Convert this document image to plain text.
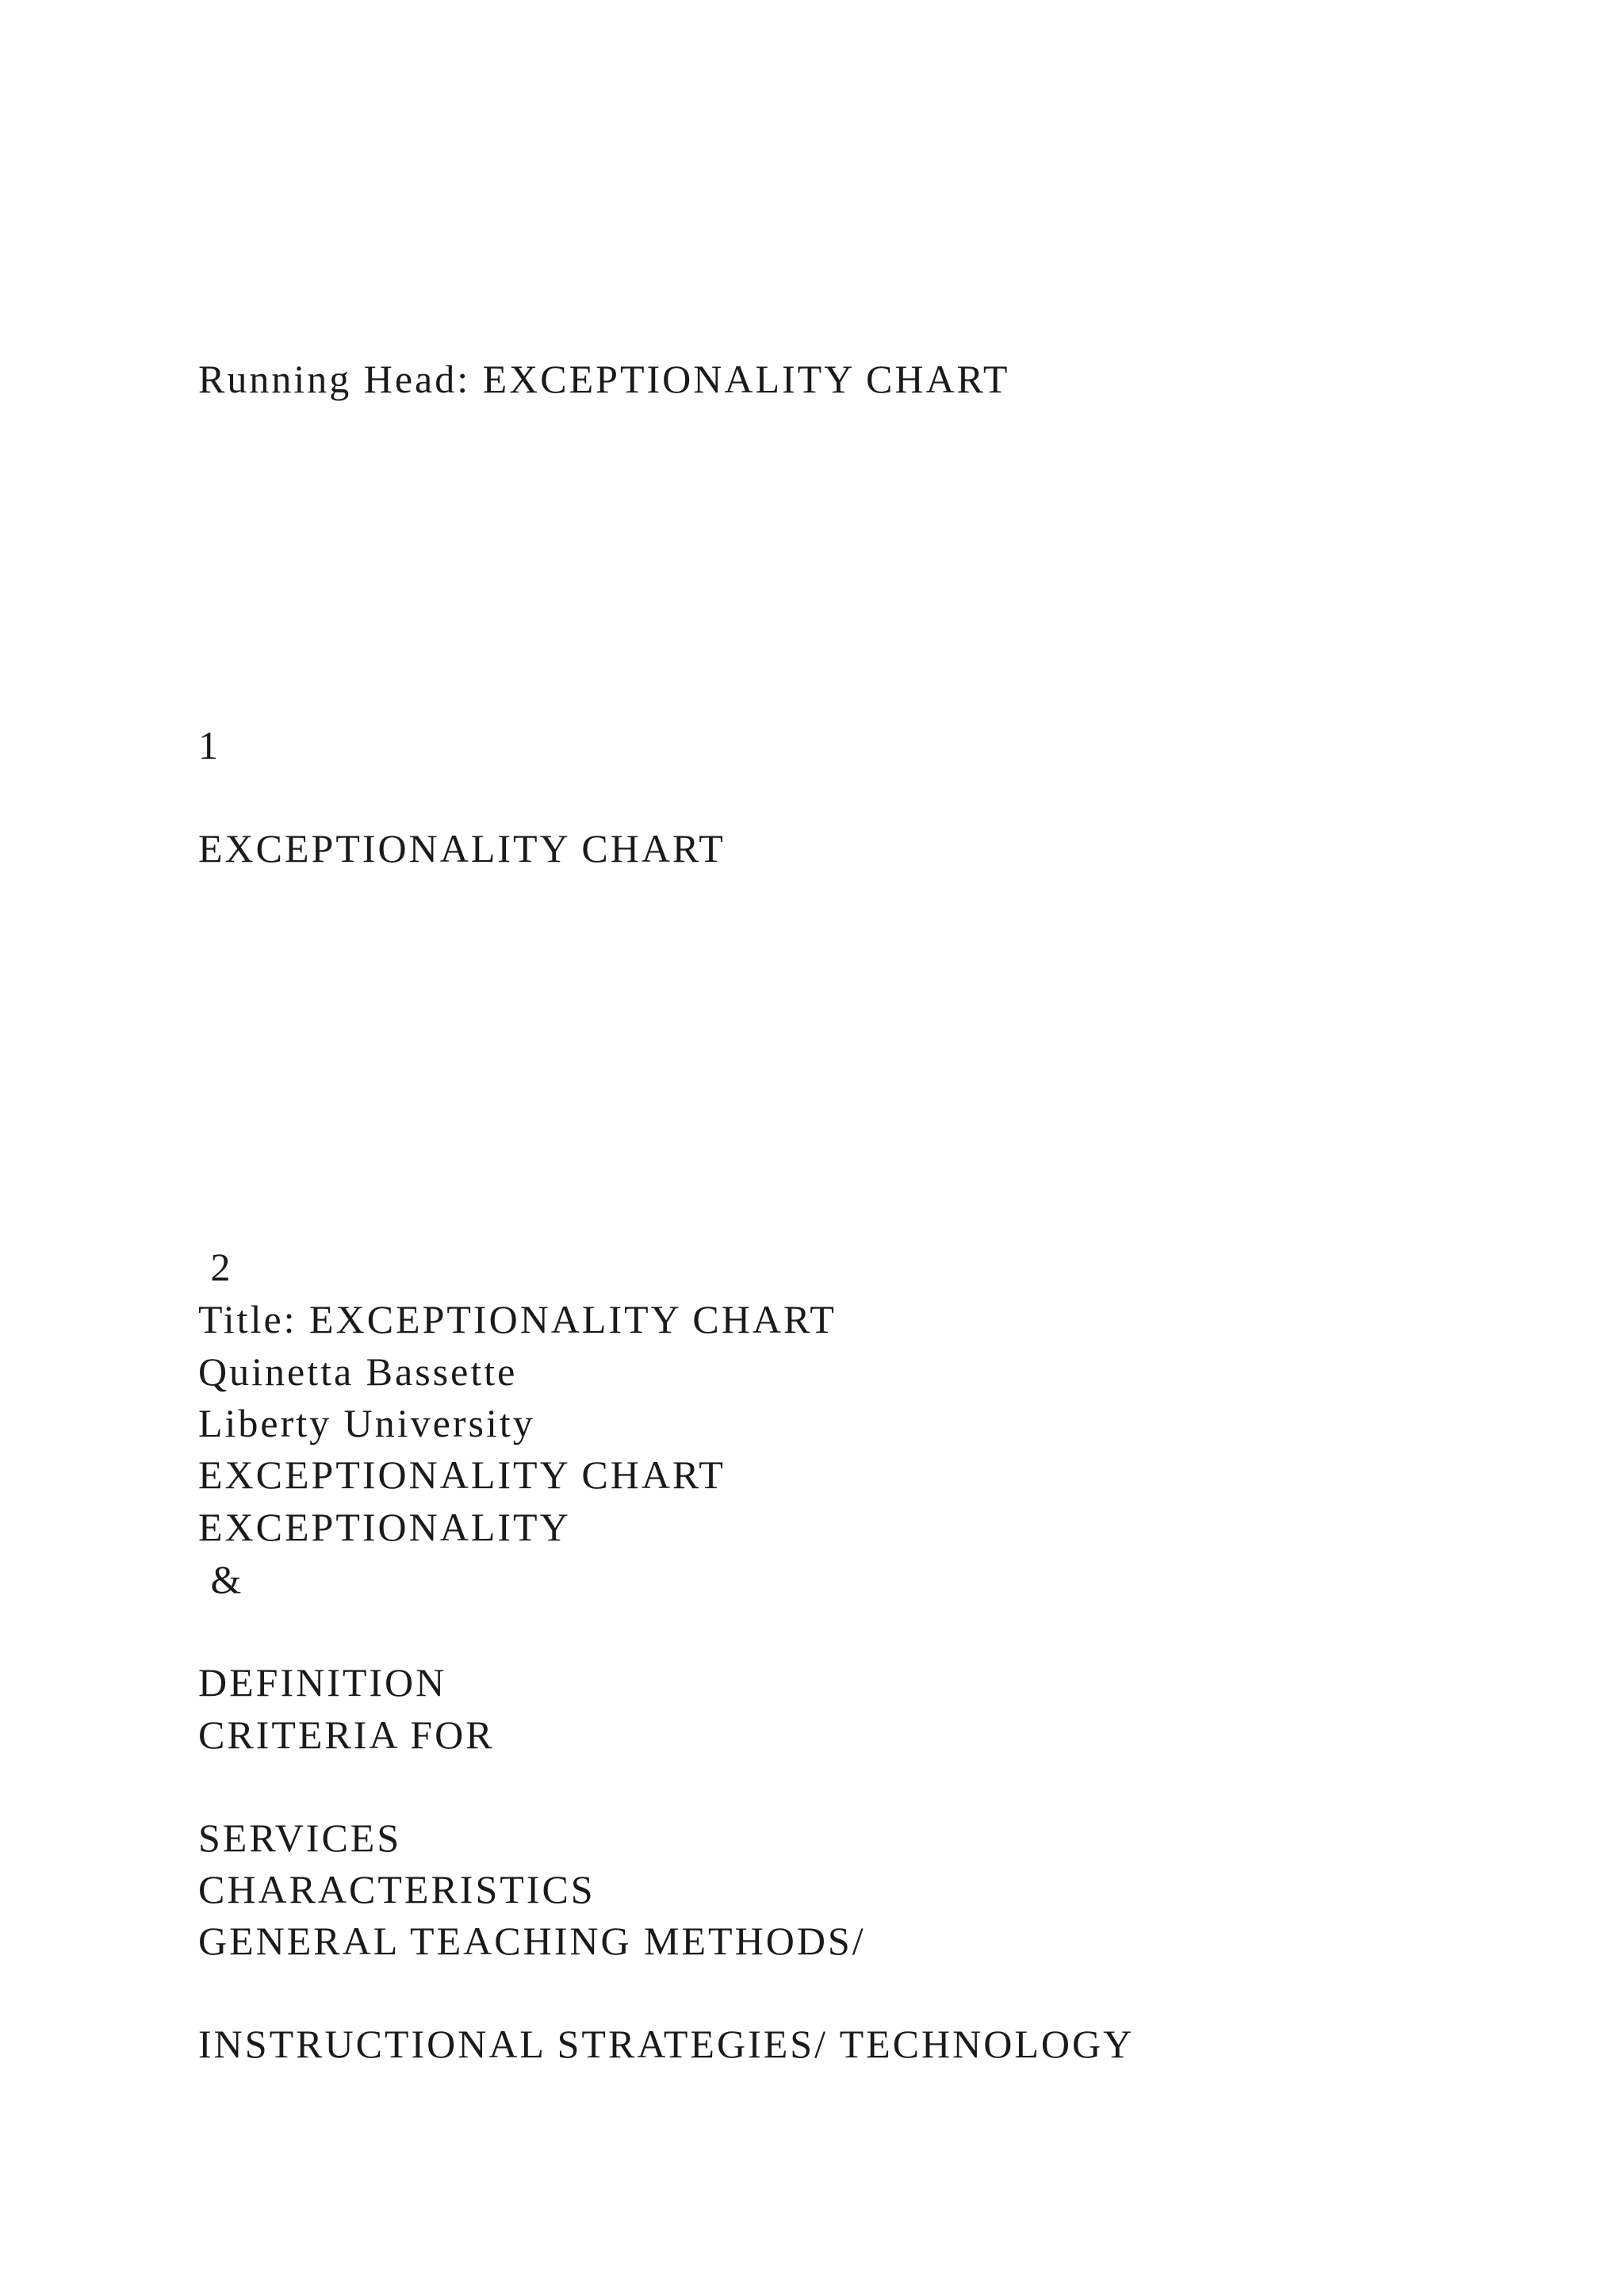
Running Head: EXCEPTIONALITY CHART
1
EXCEPTIONALITY CHART
2
Title: EXCEPTIONALITY CHART
Quinetta Bassette
Liberty University
EXCEPTIONALITY CHART
EXCEPTIONALITY
&
DEFINITION
CRITERIA FOR
SERVICES
CHARACTERISTICS
GENERAL TEACHING METHODS/
INSTRUCTIONAL STRATEGIES/ TECHNOLOGY
